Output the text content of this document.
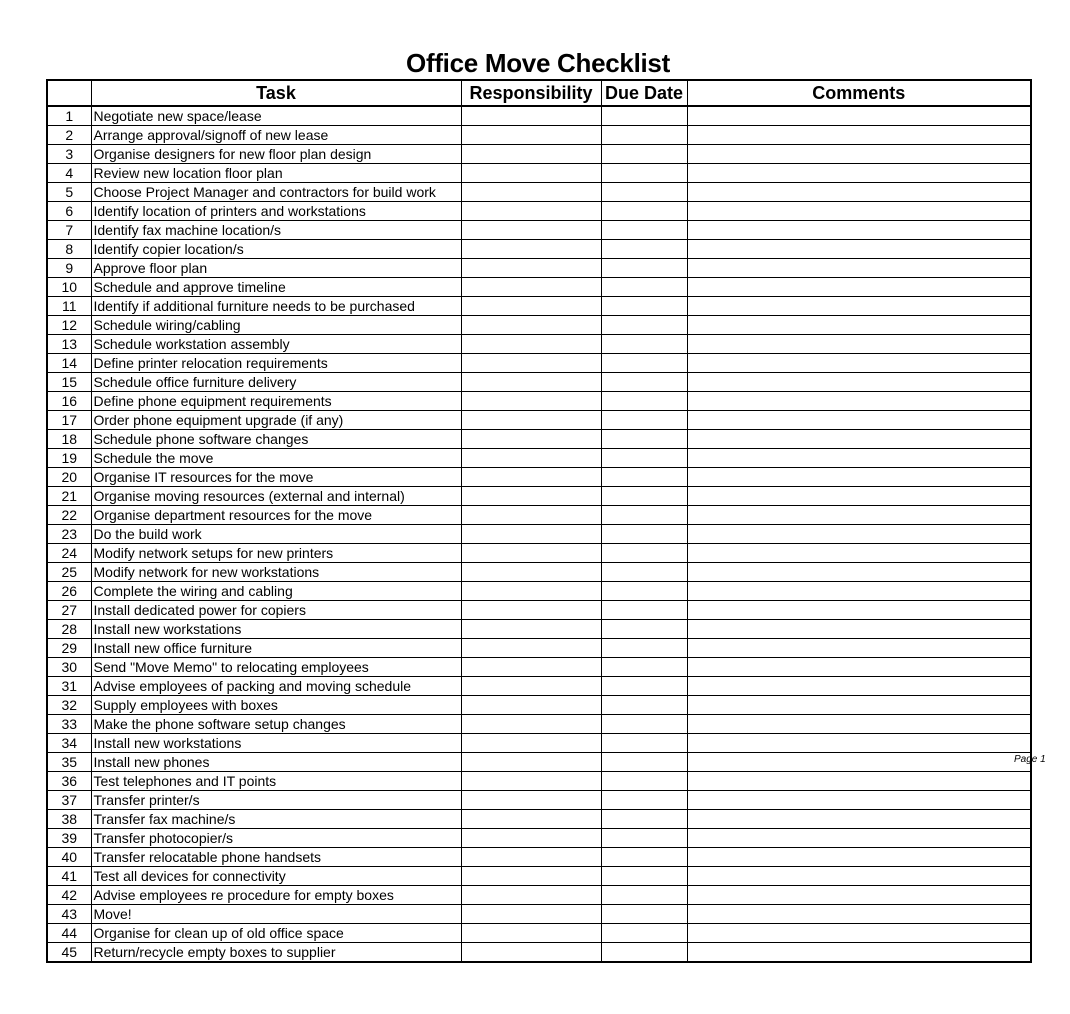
Office Move Checklist
	Task	Responsibility	Due Date	Comments
1	Negotiate new space/lease			
2	Arrange approval/signoff of new lease			
3	Organise designers for new floor plan design			
4	Review new location floor plan			
5	Choose Project Manager and contractors for build work			
6	Identify location of printers and workstations			
7	Identify fax machine location/s			
8	Identify copier location/s			
9	Approve floor plan			
10	Schedule and approve timeline			
11	Identify if additional furniture needs to be purchased			
12	Schedule wiring/cabling			
13	Schedule workstation assembly			
14	Define printer relocation requirements			
15	Schedule office furniture delivery			
16	Define phone equipment requirements			
17	Order phone equipment upgrade (if any)			
18	Schedule phone software changes			
19	Schedule the move			
20	Organise IT resources for the move			
21	Organise moving resources (external and internal)			
22	Organise department resources for the move			
23	Do the build work			
24	Modify network setups for new printers			
25	Modify network for new workstations			
26	Complete the wiring and cabling			
27	Install dedicated power for copiers			
28	Install new workstations			
29	Install new office furniture			
30	Send "Move Memo" to relocating employees			
31	Advise employees of packing and moving schedule			
32	Supply employees with boxes			
33	Make the phone software setup changes			
34	Install new workstations			
35	Install new phones			
36	Test telephones and IT points			
37	Transfer printer/s			
38	Transfer fax machine/s			
39	Transfer photocopier/s			
40	Transfer relocatable phone handsets			
41	Test all devices for connectivity			
42	Advise employees re procedure for empty boxes			
43	Move!			
44	Organise for clean up of old office space			
45	Return/recycle empty boxes to supplier			
Page 1
